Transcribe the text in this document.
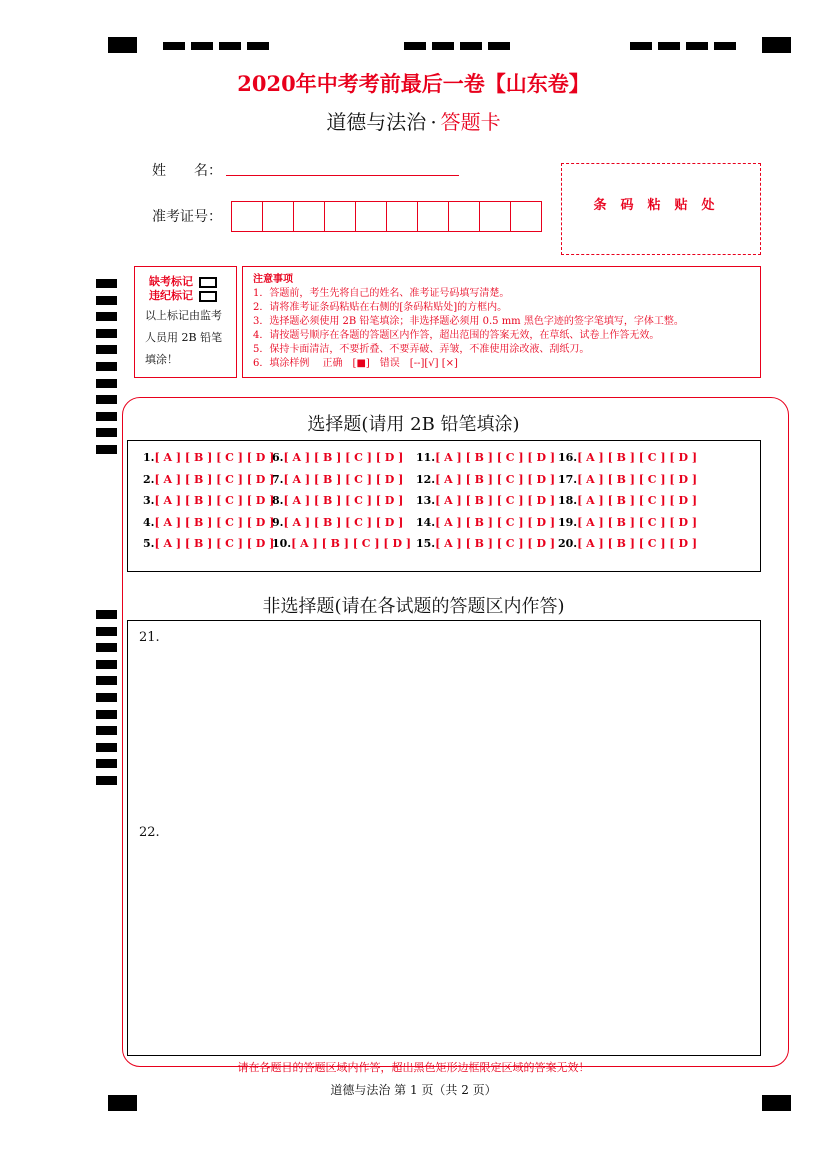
2020年中考考前最后一卷【山东卷】
道德与法治 · 答题卡
姓　　名：
准考证号：
条码粘贴处
缺考标记
违纪标记
以上标记由监考
人员用 2B 铅笔
填涂！
注意事项
1．答题前，考生先将自己的姓名、准考证号码填写清楚。
2．请将准考证条码粘贴在右侧的[条码粘贴处]的方框内。
3．选择题必须使用 2B 铅笔填涂；非选择题必须用 0.5 mm 黑色字迹的签字笔填写，字体工整。
4．请按题号顺序在各题的答题区内作答，超出范围的答案无效，在草纸、试卷上作答无效。
5．保持卡面清洁，不要折叠、不要弄破、弄皱，不准使用涂改液、刮纸刀。
6．填涂样例　 正确　[■]　错误　[--][√] [×]
选择题(请用 2B 铅笔填涂)
1.[ A ] [ B ] [ C ] [ D ]
2.[ A ] [ B ] [ C ] [ D ]
3.[ A ] [ B ] [ C ] [ D ]
4.[ A ] [ B ] [ C ] [ D ]
5.[ A ] [ B ] [ C ] [ D ]
6.[ A ] [ B ] [ C ] [ D ]
7.[ A ] [ B ] [ C ] [ D ]
8.[ A ] [ B ] [ C ] [ D ]
9.[ A ] [ B ] [ C ] [ D ]
10.[ A ] [ B ] [ C ] [ D ]
11.[ A ] [ B ] [ C ] [ D ]
12.[ A ] [ B ] [ C ] [ D ]
13.[ A ] [ B ] [ C ] [ D ]
14.[ A ] [ B ] [ C ] [ D ]
15.[ A ] [ B ] [ C ] [ D ]
16.[ A ] [ B ] [ C ] [ D ]
17.[ A ] [ B ] [ C ] [ D ]
18.[ A ] [ B ] [ C ] [ D ]
19.[ A ] [ B ] [ C ] [ D ]
20.[ A ] [ B ] [ C ] [ D ]
非选择题(请在各试题的答题区内作答)
21.
22.
请在各题目的答题区域内作答，超出黑色矩形边框限定区域的答案无效！
道德与法治 第 1 页（共 2 页）
